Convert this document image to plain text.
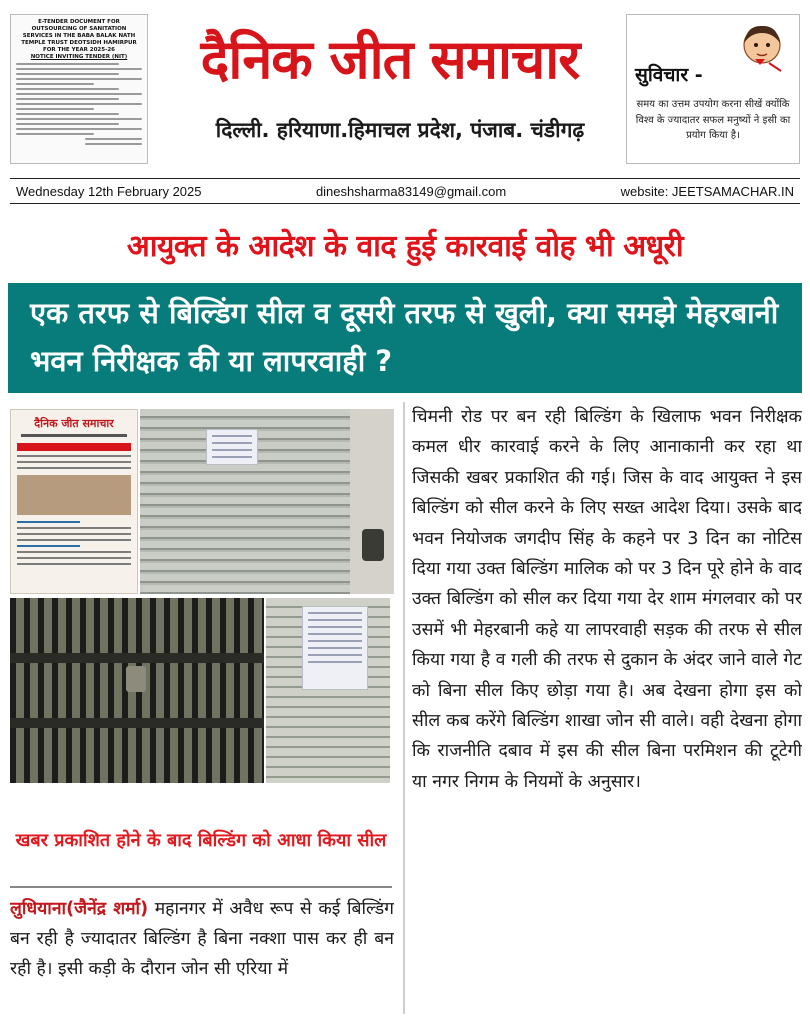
E-TENDER DOCUMENT FOR OUTSOURCING OF SANITATION SERVICES IN THE BABA BALAK NATH TEMPLE TRUST DEOTSIDH HAMIRPUR FOR THE YEAR 2025-26
NOTICE INVITING TENDER (NIT)	दैनिक जीत समाचार
दिल्ली. हरियाणा.हिमाचल प्रदेश, पंजाब. चंडीगढ़
सुविचार -
समय का उत्तम उपयोग करना सीखें क्योंकि विश्व के ज्यादातर सफल मनुष्यों ने इसी का प्रयोग किया है।
Wednesday 12th February 2025	dineshsharma83149@gmail.com	website: JEETSAMACHAR.IN
आयुक्त के आदेश के वाद हुई कारवाई वोह भी अधूरी
एक तरफ से बिल्डिंग सील व दूसरी तरफ से खुली, क्या समझे मेहरबानी भवन निरीक्षक की या लापरवाही ?
दैनिक जीत समाचार
खबर प्रकाशित होने के बाद बिल्डिंग को आधा किया सील
लुधियाना(जैनेंद्र शर्मा) महानगर में अवैध रूप से कई बिल्डिंग बन रही है ज्यादातर बिल्डिंग है बिना नक्शा पास कर ही बन रही है। इसी कड़ी के दौरान जोन सी एरिया में
चिमनी रोड पर बन रही बिल्डिंग के खिलाफ भवन निरीक्षक कमल धीर कारवाई करने के लिए आनाकानी कर रहा था जिसकी खबर प्रकाशित की गई। जिस के वाद आयुक्त ने इस बिल्डिंग को सील करने के लिए सख्त आदेश दिया। उसके बाद भवन नियोजक जगदीप सिंह के कहने पर 3 दिन का नोटिस दिया गया उक्त बिल्डिंग मालिक को पर 3 दिन पूरे होने के वाद उक्त बिल्डिंग को सील कर दिया गया देर शाम मंगलवार को पर उसमें भी मेहरबानी कहे या लापरवाही सड़क की तरफ से सील किया गया है व गली की तरफ से दुकान के अंदर जाने वाले गेट को बिना सील किए छोड़ा गया है। अब देखना होगा इस को सील कब करेंगे बिल्डिंग शाखा जोन सी वाले। वही देखना होगा कि राजनीति दबाव में इस की सील बिना परमिशन की टूटेगी या नगर निगम के नियमों के अनुसार।
